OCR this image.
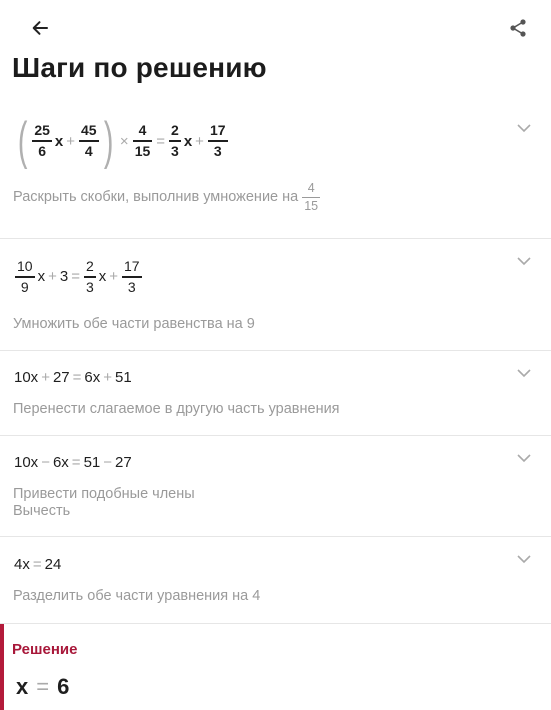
Шаги по решению
( $\frac{25}{6}$ $x + \frac{45}{4}$ ) × $\frac{4}{15} = \frac{2}{3}$ $x + \frac{17}{3}$
Раскрыть скобки, выполнив умножение на $\frac{4}{15}$
$\frac{10}{9}$ $x + 3 = \frac{2}{3}$ $x + \frac{17}{3}$
Умножить обе части равенства на 9
10x + 27 = 6x + 51
Перенести слагаемое в другую часть уравнения
10x − 6x = 51 − 27
Привести подобные члены
Вычесть
4x = 24
Разделить обе части уравнения на 4
Решение
x = 6
